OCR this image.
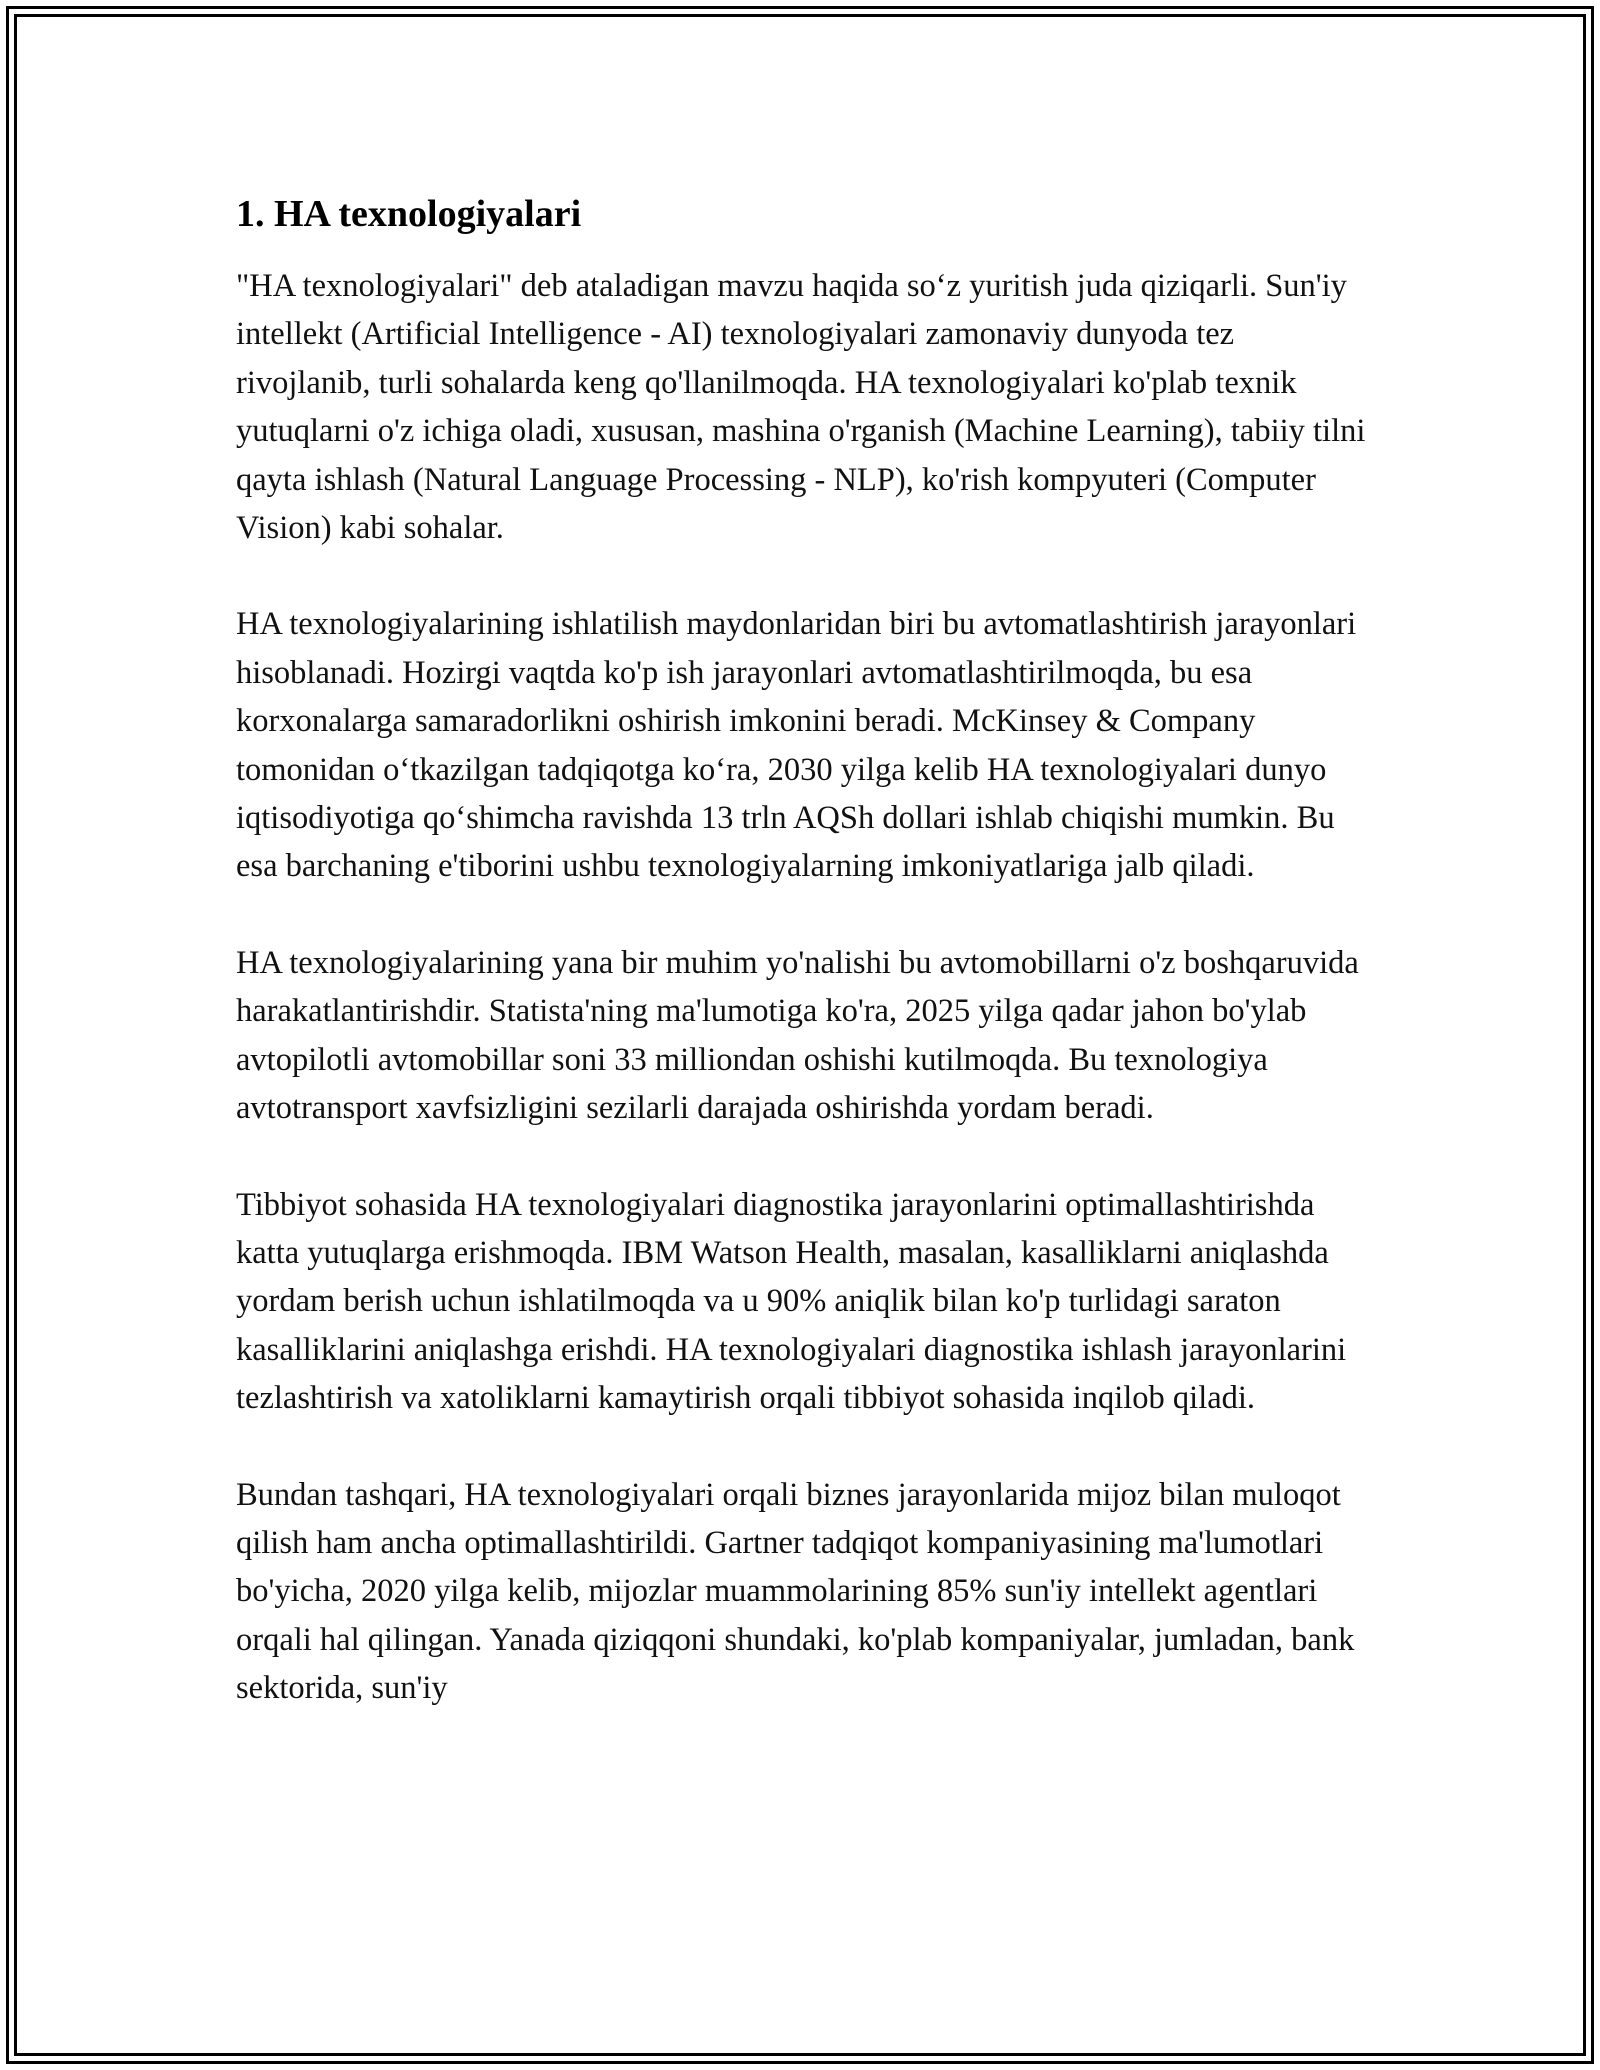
1. HA texnologiyalari

"HA texnologiyalari" deb ataladigan mavzu haqida so‘z yuritish juda qiziqarli. Sun'iy intellekt (Artificial Intelligence - AI) texnologiyalari zamonaviy dunyoda tez rivojlanib, turli sohalarda keng qo'llanilmoqda. HA texnologiyalari ko'plab texnik yutuqlarni o'z ichiga oladi, xususan, mashina o'rganish (Machine Learning), tabiiy tilni qayta ishlash (Natural Language Processing - NLP), ko'rish kompyuteri (Computer Vision) kabi sohalar.

HA texnologiyalarining ishlatilish maydonlaridan biri bu avtomatlashtirish jarayonlari hisoblanadi. Hozirgi vaqtda ko'p ish jarayonlari avtomatlashtirilmoqda, bu esa korxonalarga samaradorlikni oshirish imkonini beradi. McKinsey & Company tomonidan o‘tkazilgan tadqiqotga ko‘ra, 2030 yilga kelib HA texnologiyalari dunyo iqtisodiyotiga qo‘shimcha ravishda 13 trln AQSh dollari ishlab chiqishi mumkin. Bu esa barchaning e'tiborini ushbu texnologiyalarning imkoniyatlariga jalb qiladi.

HA texnologiyalarining yana bir muhim yo'nalishi bu avtomobillarni o'z boshqaruvida harakatlantirishdir. Statista'ning ma'lumotiga ko'ra, 2025 yilga qadar jahon bo'ylab avtopilotli avtomobillar soni 33 milliondan oshishi kutilmoqda. Bu texnologiya avtotransport xavfsizligini sezilarli darajada oshirishda yordam beradi.

Tibbiyot sohasida HA texnologiyalari diagnostika jarayonlarini optimallashtirishda katta yutuqlarga erishmoqda. IBM Watson Health, masalan, kasalliklarni aniqlashda yordam berish uchun ishlatilmoqda va u 90% aniqlik bilan ko'p turlidagi saraton kasalliklarini aniqlashga erishdi. HA texnologiyalari diagnostika ishlash jarayonlarini tezlashtirish va xatoliklarni kamaytirish orqali tibbiyot sohasida inqilob qiladi.

Bundan tashqari, HA texnologiyalari orqali biznes jarayonlarida mijoz bilan muloqot qilish ham ancha optimallashtirildi. Gartner tadqiqot kompaniyasining ma'lumotlari bo'yicha, 2020 yilga kelib, mijozlar muammolarining 85% sun'iy intellekt agentlari orqali hal qilingan. Yanada qiziqqoni shundaki, ko'plab kompaniyalar, jumladan, bank sektorida, sun'iy
